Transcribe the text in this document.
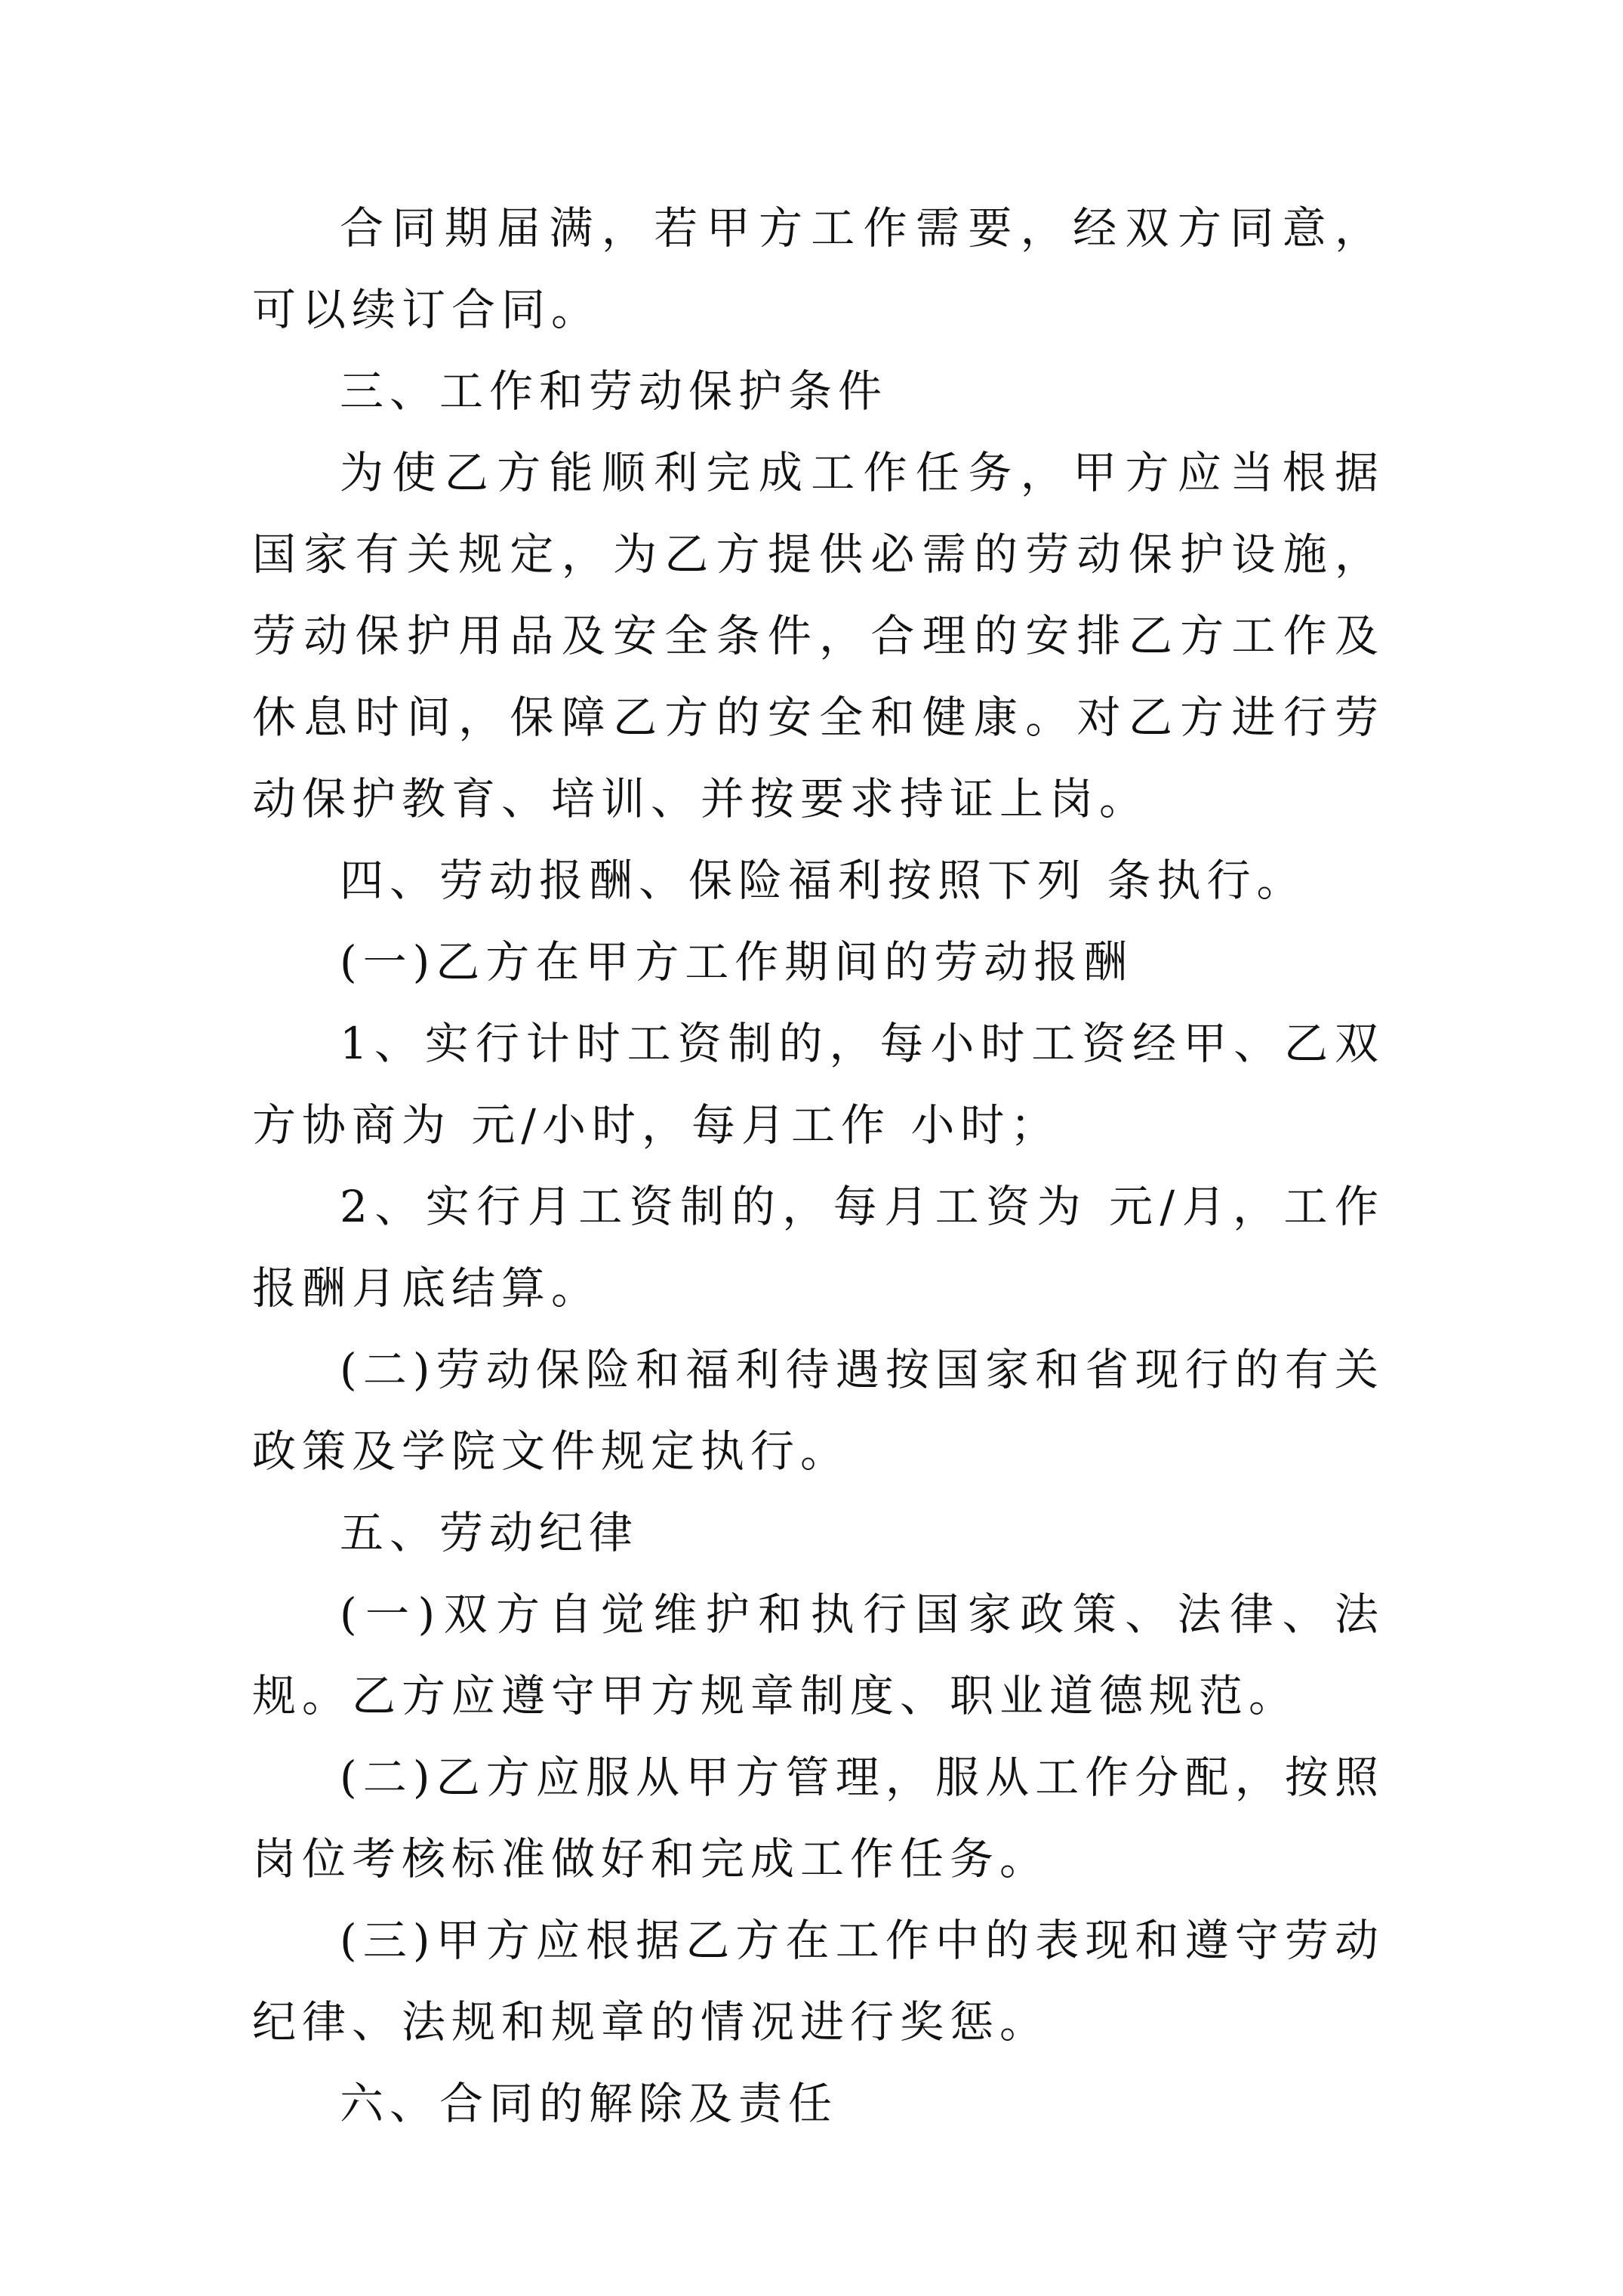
合同期届满，若甲方工作需要，经双方同意，可以续订合同。

三、工作和劳动保护条件

为使乙方能顺利完成工作任务，甲方应当根据国家有关规定，为乙方提供必需的劳动保护设施，劳动保护用品及安全条件，合理的安排乙方工作及休息时间，保障乙方的安全和健康。对乙方进行劳动保护教育、培训、并按要求持证上岗。

四、劳动报酬、保险福利按照下列 条执行。

(一)乙方在甲方工作期间的劳动报酬

1、实行计时工资制的，每小时工资经甲、乙双方协商为 元/小时，每月工作 小时；

2、实行月工资制的，每月工资为 元/月，工作报酬月底结算。

(二)劳动保险和福利待遇按国家和省现行的有关政策及学院文件规定执行。

五、劳动纪律

(一)双方自觉维护和执行国家政策、法律、法规。乙方应遵守甲方规章制度、职业道德规范。

(二)乙方应服从甲方管理，服从工作分配，按照岗位考核标准做好和完成工作任务。

(三)甲方应根据乙方在工作中的表现和遵守劳动纪律、法规和规章的情况进行奖惩。

六、合同的解除及责任
